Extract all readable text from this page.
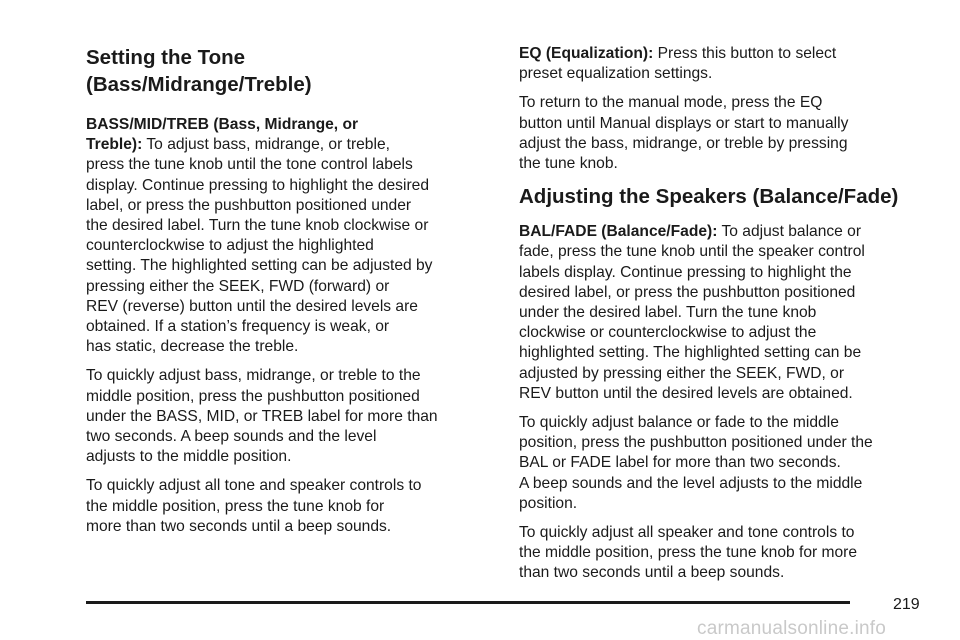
Setting the Tone
(Bass/Midrange/Treble)

BASS/MID/TREB (Bass, Midrange, or
Treble): To adjust bass, midrange, or treble,
press the tune knob until the tone control labels
display. Continue pressing to highlight the desired
label, or press the pushbutton positioned under
the desired label. Turn the tune knob clockwise or
counterclockwise to adjust the highlighted
setting. The highlighted setting can be adjusted by
pressing either the SEEK, FWD (forward) or
REV (reverse) button until the desired levels are
obtained. If a station’s frequency is weak, or
has static, decrease the treble.

To quickly adjust bass, midrange, or treble to the
middle position, press the pushbutton positioned
under the BASS, MID, or TREB label for more than
two seconds. A beep sounds and the level
adjusts to the middle position.

To quickly adjust all tone and speaker controls to
the middle position, press the tune knob for
more than two seconds until a beep sounds.

EQ (Equalization): Press this button to select
preset equalization settings.

To return to the manual mode, press the EQ
button until Manual displays or start to manually
adjust the bass, midrange, or treble by pressing
the tune knob.

Adjusting the Speakers (Balance/Fade)

BAL/FADE (Balance/Fade): To adjust balance or
fade, press the tune knob until the speaker control
labels display. Continue pressing to highlight the
desired label, or press the pushbutton positioned
under the desired label. Turn the tune knob
clockwise or counterclockwise to adjust the
highlighted setting. The highlighted setting can be
adjusted by pressing either the SEEK, FWD, or
REV button until the desired levels are obtained.

To quickly adjust balance or fade to the middle
position, press the pushbutton positioned under the
BAL or FADE label for more than two seconds.
A beep sounds and the level adjusts to the middle
position.

To quickly adjust all speaker and tone controls to
the middle position, press the tune knob for more
than two seconds until a beep sounds.

219
carmanualsonline.info
